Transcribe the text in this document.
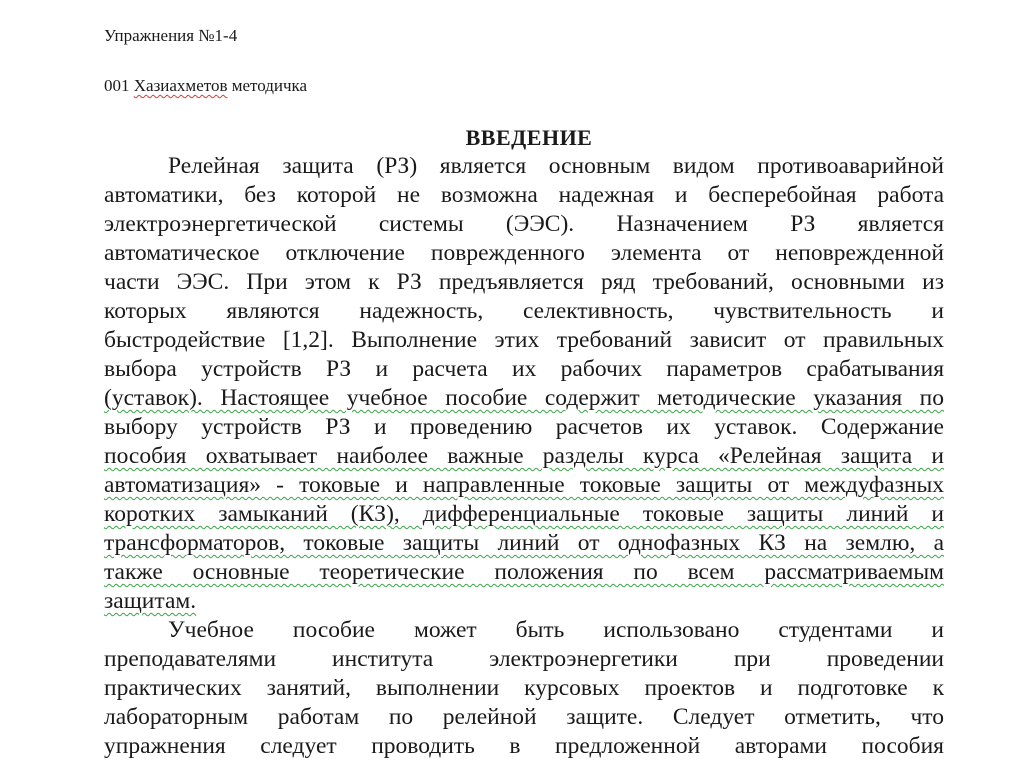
Упражнения №1-4
001 Хазиахметов методичка
ВВЕДЕНИЕ
Релейная защита (РЗ) является основным видом противоаварийной
автоматики, без которой не возможна надежная и бесперебойная работа
электроэнергетической системы (ЭЭС). Назначением РЗ является
автоматическое отключение поврежденного элемента от неповрежденной
части ЭЭС. При этом к РЗ предъявляется ряд требований, основными из
которых являются надежность, селективность, чувствительность и
быстродействие [1,2]. Выполнение этих требований зависит от правильных
выбора устройств РЗ и расчета их рабочих параметров срабатывания
(уставок). Настоящее учебное пособие содержит методические указания по
выбору устройств РЗ и проведению расчетов их уставок. Содержание
пособия охватывает наиболее важные разделы курса «Релейная защита и
автоматизация» - токовые и направленные токовые защиты от междуфазных
коротких замыканий (КЗ), дифференциальные токовые защиты линий и
трансформаторов, токовые защиты линий от однофазных КЗ на землю, а
также основные теоретические положения по всем рассматриваемым
защитам.
Учебное пособие может быть использовано студентами и
преподавателями института электроэнергетики при проведении
практических занятий, выполнении курсовых проектов и подготовке к
лабораторным работам по релейной защите. Следует отметить, что
упражнения следует проводить в предложенной авторами пособия
